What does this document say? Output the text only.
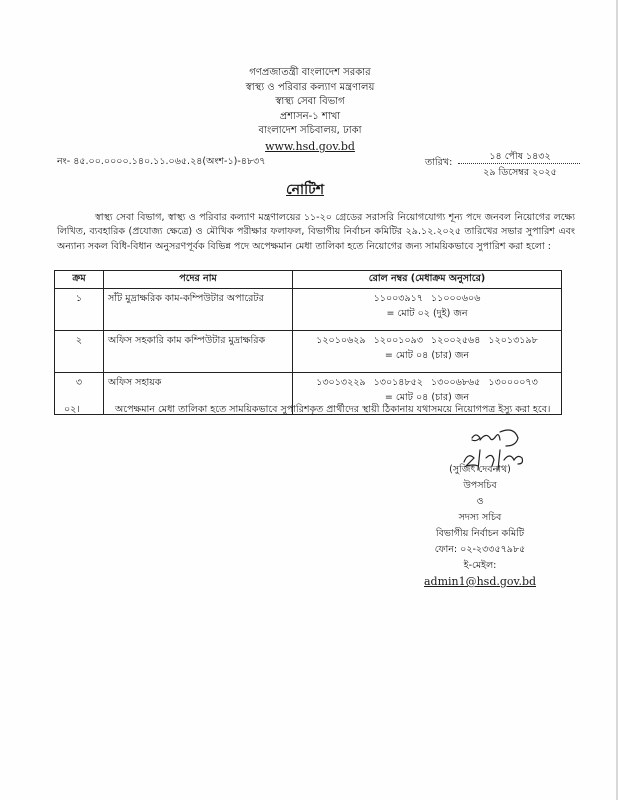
গণপ্রজাতন্ত্রী বাংলাদেশ সরকার
স্বাস্থ্য ও পরিবার কল্যাণ মন্ত্রণালয়
স্বাস্থ্য সেবা বিভাগ
প্রশাসন-১ শাখা
বাংলাদেশ সচিবালয়, ঢাকা
www.hsd.gov.bd
নং- ৪৫.০০.০০০০.১৪০.১১.০৬৫.২৪(অংশ-১)-৪৮৩৭	তারিখ:
১৪ পৌষ ১৪৩২
২৯ ডিসেম্বর ২০২৫
নোটিশ

স্বাস্থ্য সেবা বিভাগ, স্বাস্থ্য ও পরিবার কল্যাণ মন্ত্রণালয়ের ১১-২০ গ্রেডের সরাসরি নিয়োগযোগ্য শূন্য পদে জনবল নিয়োগের লক্ষ্যে লিখিত, ব্যবহারিক (প্রযোজ্য ক্ষেত্রে) ও মৌখিক পরীক্ষার ফলাফল, বিভাগীয় নির্বাচন কমিটির ২৯.১২.২০২৫ তারিখের সভার সুপারিশ এবং অন্যান্য সকল বিধি-বিধান অনুসরণপূর্বক বিভিন্ন পদে অপেক্ষমান মেধা তালিকা হতে নিয়োগের জন্য সাময়িকভাবে সুপারিশ করা হলো :

ক্রম	পদের নাম	রোল নম্বর (মেধাক্রম অনুসারে)
১	সাঁট মুদ্রাক্ষরিক কাম-কম্পিউটার অপারেটর	১১০০৩৯১৭ ১১০০০৬০৬
= মোট ০২ (দুই) জন

২	অফিস সহকারি কাম কম্পিউটার মুদ্রাক্ষরিক	১২০১০৬২৯ ১২০০১০৯৩ ১২০০২৫৬৪ ১২০১৩১৯৮
= মোট ০৪ (চার) জন

৩	অফিস সহায়ক	১৩০১৩২২৯ ১৩০১৪৮৫২ ১৩০০৬৮৬৫ ১৩০০০০৭৩
= মোট ০৪ (চার) জন
০২।	অপেক্ষমান মেধা তালিকা হতে সাময়িকভাবে সুপারিশকৃত প্রার্থীদের স্থায়ী ঠিকানায় যথাসময়ে নিয়োগপত্র ইস্যু করা হবে।
(সুজিৎ দেবনাথ)
উপসচিব
ও
সদস্য সচিব
বিভাগীয় নির্বাচন কমিটি
ফোন: ০২-২৩৩৫৭৯৮৫
ই-মেইল:
admin1@hsd.gov.bd
